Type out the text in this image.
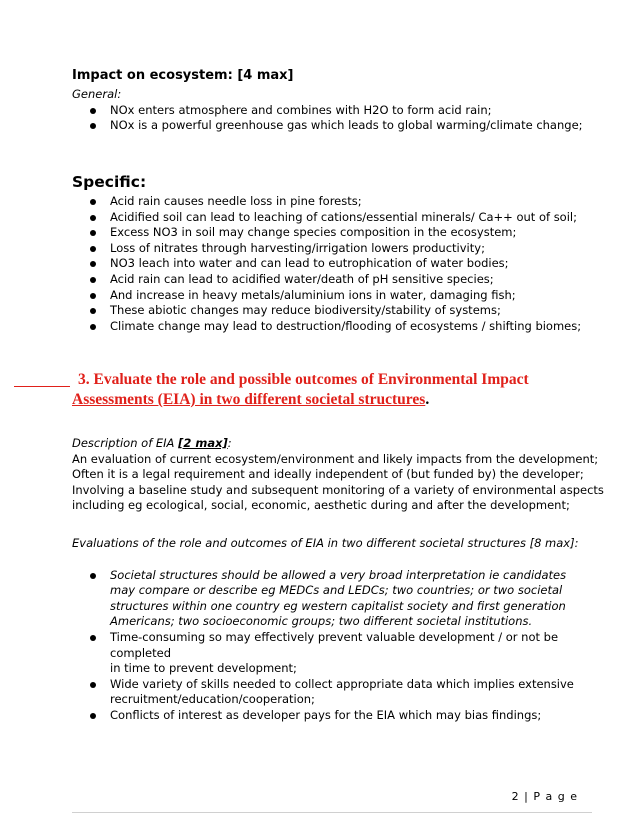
Impact on ecosystem: [4 max]
General:
NOx enters atmosphere and combines with H2O to form acid rain;
NOx is a powerful greenhouse gas which leads to global warming/climate change;
Specific:
Acid rain causes needle loss in pine forests;
Acidified soil can lead to leaching of cations/essential minerals/ Ca++ out of soil;
Excess NO3 in soil may change species composition in the ecosystem;
Loss of nitrates through harvesting/irrigation lowers productivity;
NO3 leach into water and can lead to eutrophication of water bodies;
Acid rain can lead to acidified water/death of pH sensitive species;
And increase in heavy metals/aluminium ions in water, damaging fish;
These abiotic changes may reduce biodiversity/stability of systems;
Climate change may lead to destruction/flooding of ecosystems / shifting biomes;
3. Evaluate the role and possible outcomes of Environmental Impact
Assessments (EIA) in two different societal structures.
Description of EIA [2 max]:
An evaluation of current ecosystem/environment and likely impacts from the development;
Often it is a legal requirement and ideally independent of (but funded by) the developer;
Involving a baseline study and subsequent monitoring of a variety of environmental aspects
including eg ecological, social, economic, aesthetic during and after the development;
Evaluations of the role and outcomes of EIA in two different societal structures [8 max]:
Societal structures should be allowed a very broad interpretation ie candidates
may compare or describe eg MEDCs and LEDCs; two countries; or two societal
structures within one country eg western capitalist society and first generation
Americans; two socioeconomic groups; two different societal institutions.
Time-consuming so may effectively prevent valuable development / or not be completed
in time to prevent development;
Wide variety of skills needed to collect appropriate data which implies extensive
recruitment/education/cooperation;
Conflicts of interest as developer pays for the EIA which may bias findings;
2 | P a g e
